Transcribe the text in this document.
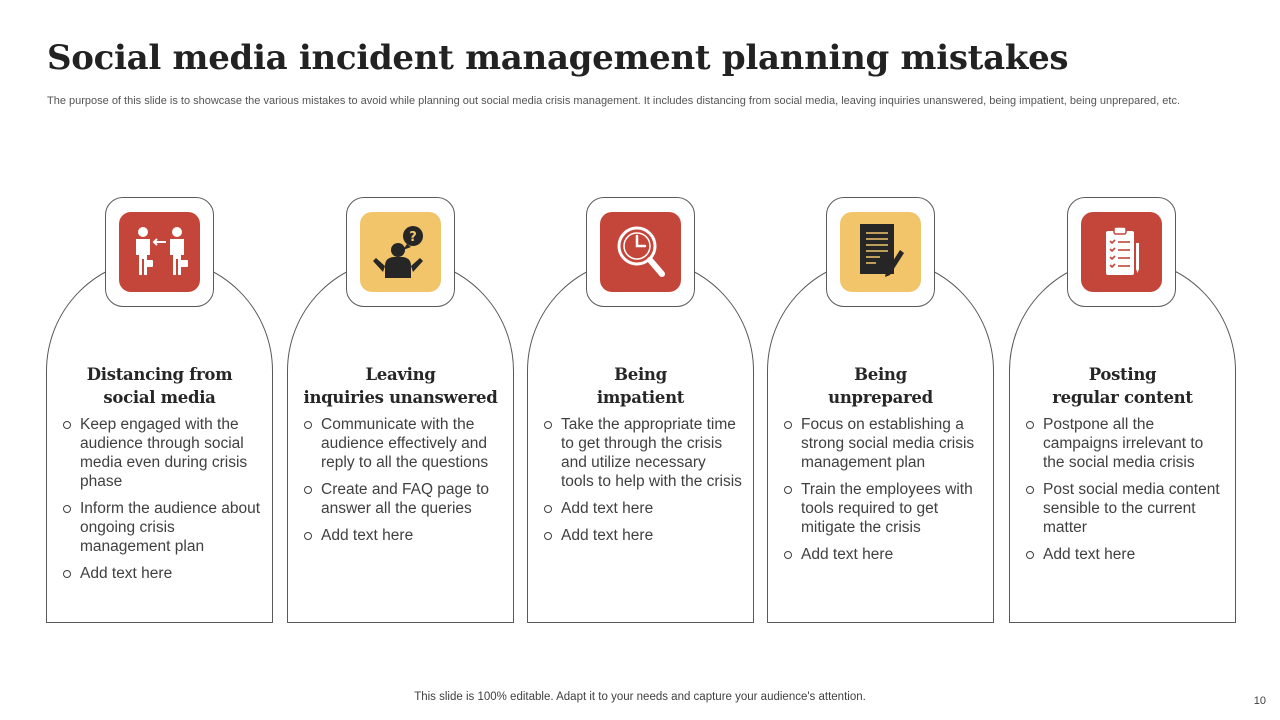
Social media incident management planning mistakes
The purpose of this slide is to showcase the various mistakes to avoid while planning out social media crisis management. It includes distancing from social media, leaving inquiries unanswered, being impatient, being unprepared, etc.
Distancing from
social media
Keep engaged with the audience through social media even during crisis phase
Inform the audience about ongoing crisis management plan
Add text here
Leaving
inquiries unanswered
Communicate with the audience effectively and reply to all the questions
Create and FAQ page to answer all the queries
Add text here
?
Being
impatient
Take the appropriate time to get through the crisis and utilize necessary tools to help with the crisis
Add text here
Add text here
Being
unprepared
Focus on establishing a strong social media crisis management plan
Train the employees with tools required to get mitigate the crisis
Add text here
Posting
regular content
Postpone all the campaigns irrelevant to the social media crisis
Post social media content sensible to the current matter
Add text here
This slide is 100% editable. Adapt it to your needs and capture your audience's attention.	10
